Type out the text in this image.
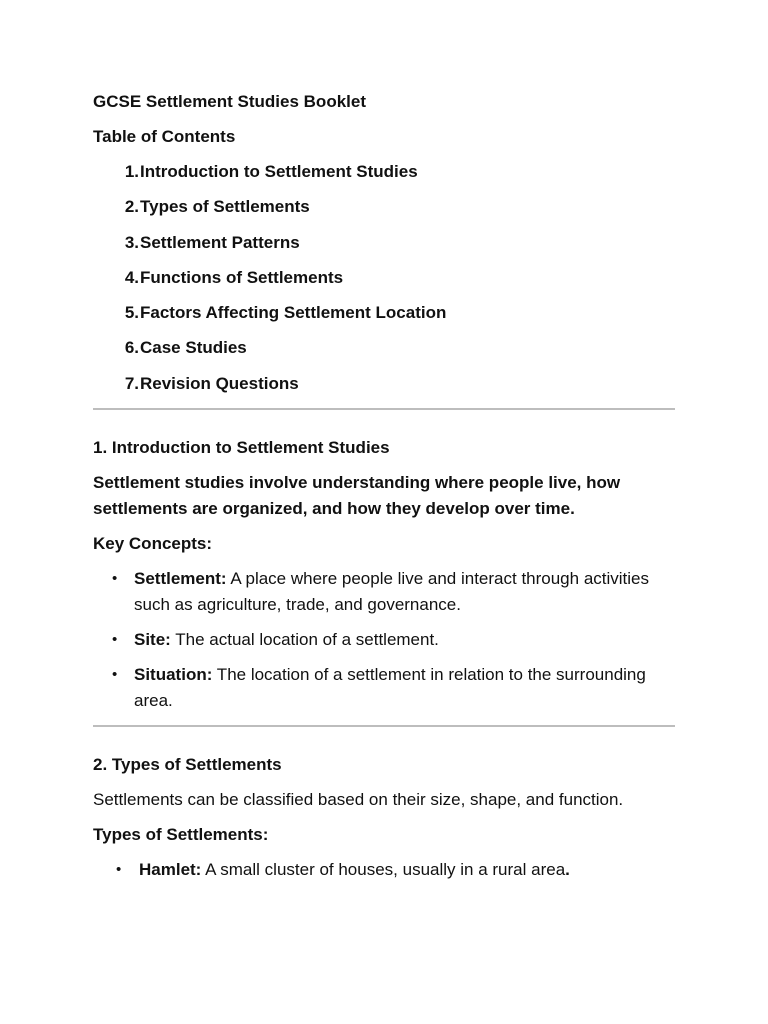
GCSE Settlement Studies Booklet

Table of Contents

1. Introduction to Settlement Studies
2. Types of Settlements
3. Settlement Patterns
4. Functions of Settlements
5. Factors Affecting Settlement Location
6. Case Studies
7. Revision Questions

1. Introduction to Settlement Studies

Settlement studies involve understanding where people live, how settlements are organized, and how they develop over time.

Key Concepts:

• Settlement: A place where people live and interact through activities such as agriculture, trade, and governance.
• Site: The actual location of a settlement.
• Situation: The location of a settlement in relation to the surrounding area.

2. Types of Settlements

Settlements can be classified based on their size, shape, and function.

Types of Settlements:

• Hamlet: A small cluster of houses, usually in a rural area.
